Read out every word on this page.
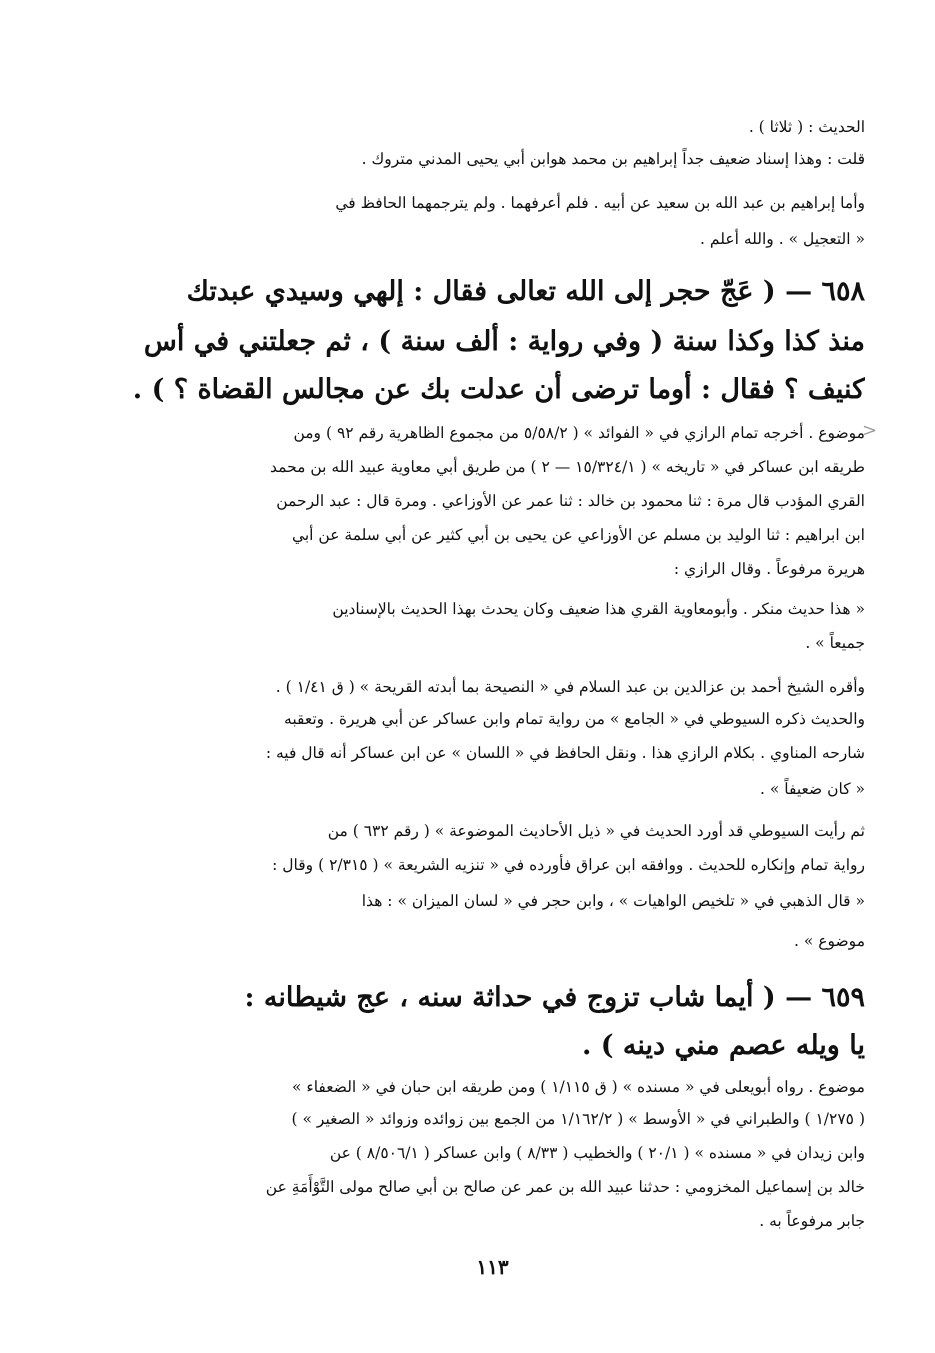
الحديث : ( ثلاثا ) .
قلت : وهذا إسناد ضعيف جداً إبراهيم بن محمد هوابن أبي يحيى المدني متروك .
وأما إبراهيم بن عبد الله بن سعيد عن أبيه . فلم أعرفهما . ولم يترجمهما الحافظ في
« التعجيل » . والله أعلم .
٦٥٨ — ( عَجّ حجر إلى الله تعالى فقال : إلهي وسيدي عبدتك
منذ كذا وكذا سنة ( وفي رواية : ألف سنة ) ، ثم جعلتني في أس
كنيف ؟ فقال : أوما ترضى أن عدلت بك عن مجالس القضاة ؟ ) .
موضوع . أخرجه تمام الرازي في « الفوائد » ( ٥/٥٨/٢ من مجموع الظاهرية رقم ٩٢ ) ومن
طريقه ابن عساكر في « تاريخه » ( ١٥/٣٢٤/١ — ٢ ) من طريق أبي معاوية عبيد الله بن محمد
القري المؤدب قال مرة : ثنا محمود بن خالد : ثنا عمر عن الأوزاعي . ومرة قال : عبد الرحمن
ابن ابراهيم : ثنا الوليد بن مسلم عن الأوزاعي عن يحيى بن أبي كثير عن أبي سلمة عن أبي
هريرة مرفوعاً . وقال الرازي :
« هذا حديث منكر . وأبومعاوية القري هذا ضعيف وكان يحدث بهذا الحديث بالإسنادين
جميعاً » .
وأقره الشيخ أحمد بن عزالدين بن عبد السلام في « النصيحة بما أبدته القريحة » ( ق ١/٤١ ) .
والحديث ذكره السيوطي في « الجامع » من رواية تمام وابن عساكر عن أبي هريرة . وتعقبه
شارحه المناوي . بكلام الرازي هذا . ونقل الحافظ في « اللسان » عن ابن عساكر أنه قال فيه :
« كان ضعيفاً » .
ثم رأيت السيوطي قد أورد الحديث في « ذيل الأحاديث الموضوعة » ( رقم ٦٣٢ ) من
رواية تمام وإنكاره للحديث . ووافقه ابن عراق فأورده في « تنزيه الشريعة » ( ٢/٣١٥ ) وقال :
« قال الذهبي في « تلخيص الواهيات » ، وابن حجر في « لسان الميزان » : هذا
موضوع » .
٦٥٩ — ( أيما شاب تزوج في حداثة سنه ، عج شيطانه :
يا ويله عصم مني دينه ) .
موضوع . رواه أبويعلى في « مسنده » ( ق ١/١١٥ ) ومن طريقه ابن حبان في « الضعفاء »
( ١/٢٧٥ ) والطبراني في « الأوسط » ( ١/١٦٢/٢ من الجمع بين زوائده وزوائد « الصغير » )
وابن زيدان في « مسنده » ( ٢٠/١ ) والخطيب ( ٨/٣٣ ) وابن عساكر ( ٨/٥٠٦/١ ) عن
خالد بن إسماعيل المخزومي : حدثنا عبيد الله بن عمر عن صالح بن أبي صالح مولى التَّوْأَمَةِ عن
جابر مرفوعاً به .
١١٣
<
